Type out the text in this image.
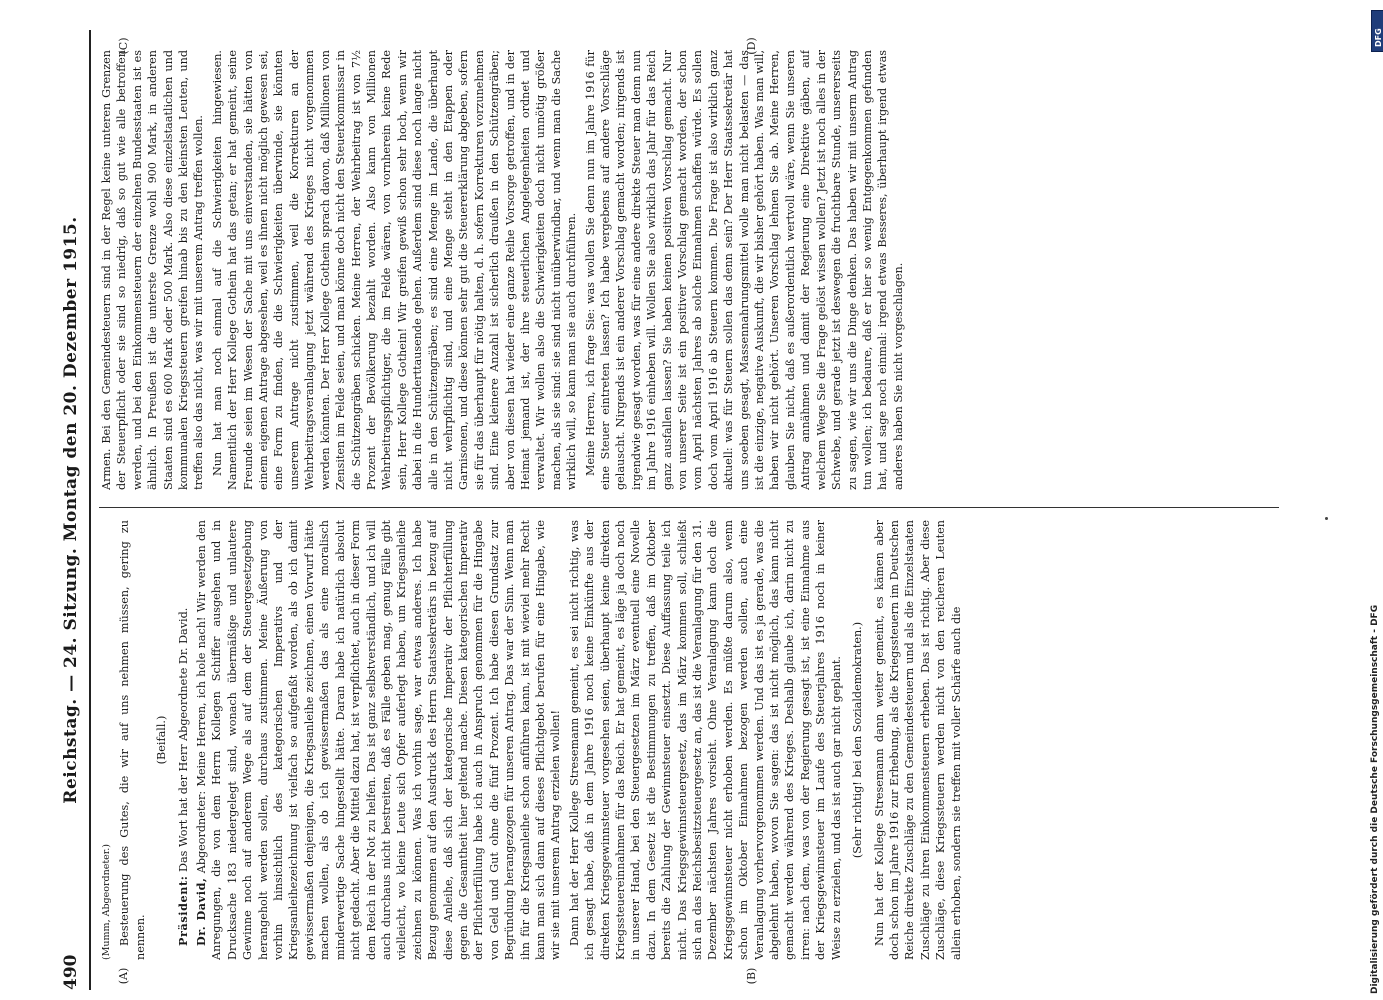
490
Reichstag. — 24. Sitzung. Montag den 20. Dezember 1915.
(A)	(B)
(C)	(D)

(Mumm, Abgeordneter.) Besteuerung des Gutes, die wir auf uns nehmen müssen, gering zu nennen.

(Beifall.)

Präsident: Das Wort hat der Herr Abgeordnete Dr. David.

Dr. David, Abgeordneter: Meine Herren, ich hole nach! Wir werden den Anregungen, die von dem Herrn Kollegen Schiffer ausgehen und in Drucksache 183 niedergelegt sind, wonach übermäßige und unlautere Gewinne noch auf anderem Wege als auf dem der Steuergesetzgebung herangeholt werden sollen, durchaus zustimmen. Meine Äußerung von vorhin hinsichtlich des kategorischen Imperativs und der Kriegsanleihezeichnung ist vielfach so aufgefaßt worden, als ob ich damit gewissermaßen denjenigen, die Kriegsanleihe zeichnen, einen Vorwurf hätte machen wollen, als ob ich gewissermaßen das als eine moralisch minderwertige Sache hingestellt hätte. Daran habe ich natürlich absolut nicht gedacht. Aber die Mittel dazu hat, ist verpflichtet, auch in dieser Form dem Reich in der Not zu helfen. Das ist ganz selbstverständlich, und ich will auch durchaus nicht bestreiten, daß es Fälle geben mag, genug Fälle gibt vielleicht, wo kleine Leute sich Opfer auferlegt haben, um Kriegsanleihe zeichnen zu können. Was ich vorhin sage, war etwas anderes. Ich habe Bezug genommen auf den Ausdruck des Herrn Staatssekretärs in bezug auf diese Anleihe, daß sich der kategorische Imperativ der Pflichterfüllung gegen die Gesamtheit hier geltend mache. Diesen kategorischen Imperativ der Pflichterfüllung habe ich auch in Anspruch genommen für die Hingabe von Geld und Gut ohne die fünf Prozent. Ich habe diesen Grundsatz zur Begründung herangezogen für unseren Antrag. Das war der Sinn. Wenn man ihn für die Kriegsanleihe schon anführen kann, ist mit wieviel mehr Recht kann man sich dann auf dieses Pflichtgebot berufen für eine Hingabe, wie wir sie mit unserem Antrag erzielen wollen! Dann hat der Herr Kollege Stresemann gemeint, es sei nicht richtig, was ich gesagt habe, daß in dem Jahre 1916 noch keine Einkünfte aus der direkten Kriegsgewinnsteuer vorgesehen seien, überhaupt keine direkten Kriegssteuereinnahmen für das Reich. Er hat gemeint, es läge ja doch noch in unserer Hand, bei den Steuergesetzen im März eventuell eine Novelle dazu. In dem Gesetz ist die Bestimmungen zu treffen, daß im Oktober bereits die Zahlung der Gewinnsteuer einsetzt. Diese Auffassung teile ich nicht. Das Kriegsgewinnsteuergesetz, das im März kommen soll, schließt sich an das Reichsbesitzsteuergesetz an, das ist die Veranlagung für den 31. Dezember nächsten Jahres vorsieht. Ohne Veranlagung kann doch die Kriegsgewinnsteuer nicht erhoben werden. Es müßte darum also, wenn schon im Oktober Einnahmen bezogen werden sollen, auch eine Veranlagung vorhervorgenommen werden. Und das ist es ja gerade, was die abgelehnt haben, wovon Sie sagen: das ist nicht möglich, das kann nicht gemacht werden während des Krieges. Deshalb glaube ich, darin nicht zu irren: nach dem, was von der Regierung gesagt ist, ist eine Einnahme aus der Kriegsgewinnsteuer im Laufe des Steuerjahres 1916 noch in keiner Weise zu erzielen, und das ist auch gar nicht geplant. (Sehr richtig! bei den Sozialdemokraten.) Nun hat der Kollege Stresemann dann weiter gemeint, es kämen aber doch schon im Jahre 1916 zur Erhebung, als die Kriegssteuern im Deutschen Reiche direkte Zuschläge zu den Gemeindesteuern und als die Einzelstaaten Zuschläge zu ihren Einkommensteuern erheben. Das ist richtig. Aber diese Zuschläge, diese Kriegssteuern werden nicht von den reicheren Leuten allein erhoben, sondern sie treffen mit voller Schärfe auch die

Armen. Bei den Gemeindesteuern sind in der Regel keine unteren Grenzen der Steuerpflicht oder sie sind so niedrig, daß so gut wie alle betroffen werden, und bei den Einkommensteuern der einzelnen Bundesstaaten ist es ähnlich. In Preußen ist die unterste Grenze wohl 900 Mark, in anderen Staaten sind es 600 Mark oder 500 Mark. Also diese einzelstaatlichen und kommunalen Kriegssteuern greifen hinab bis zu den kleinsten Leuten, und treffen also das nicht, was wir mit unserem Antrag treffen wollen. Nun hat man noch einmal auf die Schwierigkeiten hingewiesen. Namentlich der Herr Kollege Gothein hat das getan; er hat gemeint, seine Freunde seien im Wesen der Sache mit uns einverstanden, sie hätten von einem eigenen Antrage abgesehen, weil es ihnen nicht möglich gewesen sei, eine Form zu finden, die die Schwierigkeiten überwinde, sie könnten unserem Antrage nicht zustimmen, weil die Korrekturen an der Wehrbeitragsveranlagung jetzt während des Krieges nicht vorgenommen werden könnten. Der Herr Kollege Gothein sprach davon, daß Millionen von Zensiten im Felde seien, und man könne doch nicht den Steuerkommissar in die Schützengräben schicken. Meine Herren, der Wehrbeitrag ist von 7½ Prozent der Bevölkerung bezahlt worden. Also kann von Millionen Wehrbeitragspflichtiger, die im Felde wären, von vornherein keine Rede sein, Herr Kollege Gothein! Wir greifen gewiß schon sehr hoch, wenn wir dabei in die Hunderttausende gehen. Außerdem sind diese noch lange nicht alle in den Schützengräben; es sind eine Menge im Lande, die überhaupt nicht wehrpflichtig sind, und eine Menge steht in den Etappen oder Garnisonen, und diese können sehr gut die Steuererklärung abgeben, sofern sie für das überhaupt für nötig halten, d. h. sofern Korrekturen vorzunehmen sind. Eine kleinere Anzahl ist sicherlich draußen in den Schützengräben; aber von diesen hat wieder eine ganze Reihe Vorsorge getroffen, und in der Heimat jemand ist, der ihre steuerlichen Angelegenheiten ordnet und verwaltet. Wir wollen also die Schwierigkeiten doch nicht unnötig größer machen, als sie sind: sie sind nicht unüberwindbar, und wenn man die Sache wirklich will, so kann man sie auch durchführen. Meine Herren, ich frage Sie: was wollen Sie denn nun im Jahre 1916 für eine Steuer eintreten lassen? Ich habe vergebens auf andere Vorschläge gelauscht. Nirgends ist ein anderer Vorschlag gemacht worden; nirgends ist irgendwie gesagt worden, was für eine andere direkte Steuer man denn nun im Jahre 1916 einheben will. Wollen Sie also wirklich das Jahr für das Reich ganz ausfallen lassen? Sie haben keinen positiven Vorschlag gemacht. Nur von unserer Seite ist ein positiver Vorschlag gemacht worden, der schon vom April nächsten Jahres ab solche Einnahmen schaffen würde. Es sollen doch vom April 1916 ab Steuern kommen. Die Frage ist also wirklich ganz aktuell: was für Steuern sollen das denn sein? Der Herr Staatssekretär hat uns soeben gesagt, Massennahrungsmittel wolle man nicht belasten — das ist die einzige, negative Auskunft, die wir bisher gehört haben. Was man will, haben wir nicht gehört. Unseren Vorschlag lehnen Sie ab. Meine Herren, glauben Sie nicht, daß es außerordentlich wertvoll wäre, wenn Sie unseren Antrag annähmen und damit der Regierung eine Direktive gäben, auf welchem Wege Sie die Frage gelöst wissen wollen? Jetzt ist noch alles in der Schwebe, und gerade jetzt ist deswegen die fruchtbare Stunde, unsererseits zu sagen, wie wir uns die Dinge denken. Das haben wir mit unserm Antrag tun wollen; ich bedaure, daß er hier so wenig Entgegenkommen gefunden hat, und sage noch einmal: irgend etwas Besseres, überhaupt irgend etwas anderes haben Sie nicht vorgeschlagen.

DFG
Digitalisierung gefördert durch die Deutsche Forschungsgemeinschaft - DFG
